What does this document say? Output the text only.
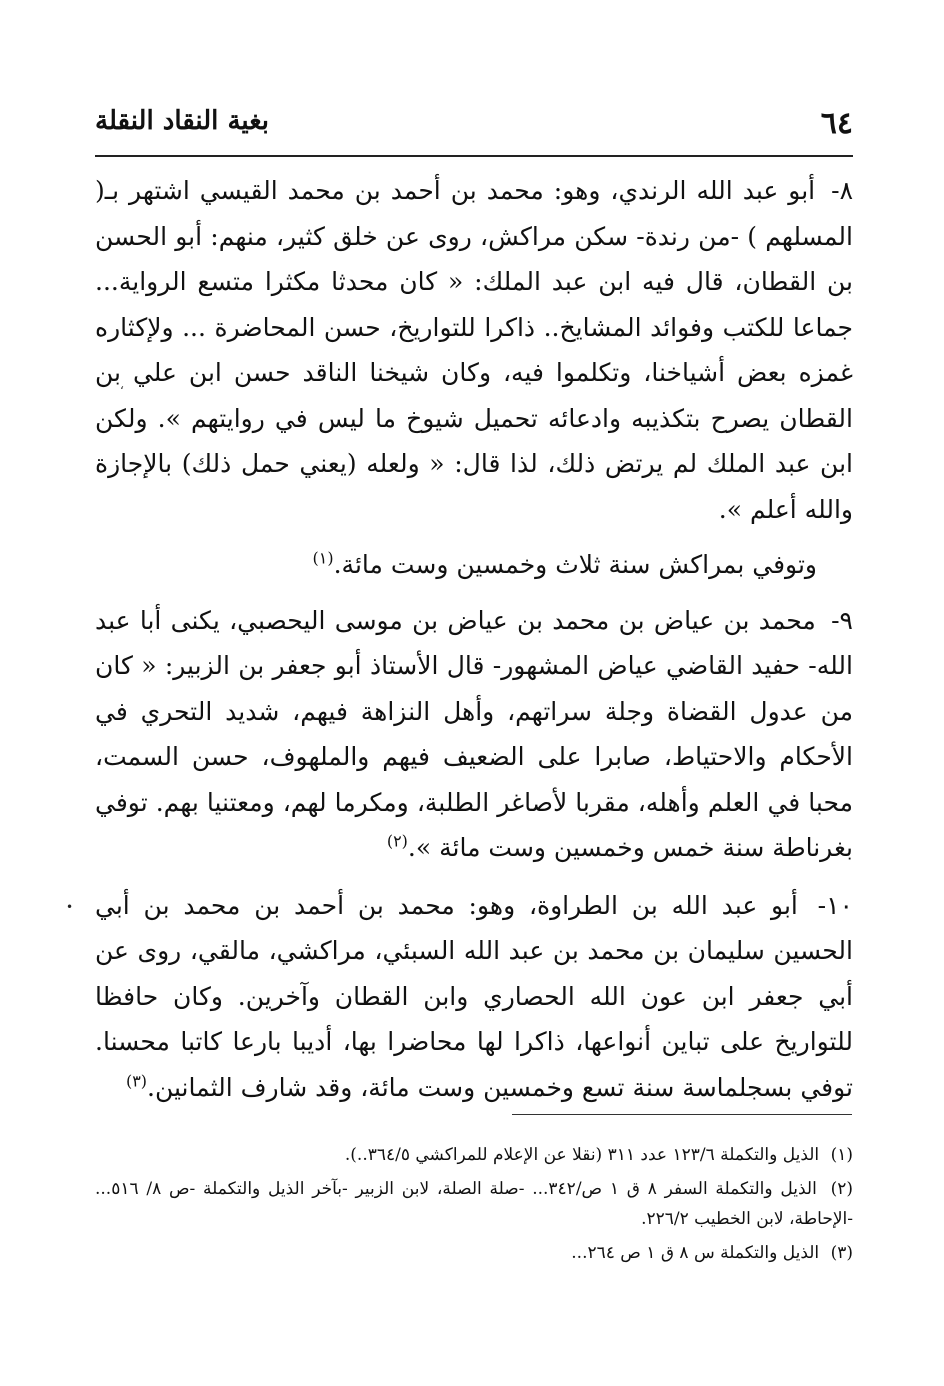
٦٤
بغية النقاد النقلة

٨- أبو عبد الله الرندي، وهو: محمد بن أحمد بن محمد القيسي اشتهر بـ( المسلهم ) -من رندة- سكن مراكش، روى عن خلق كثير، منهم: أبو الحسن بن القطان، قال فيه ابن عبد الملك: « كان محدثا مكثرا متسع الرواية... جماعا للكتب وفوائد المشايخ.. ذاكرا للتواريخ، حسن المحاضرة ... ولإكثاره غمزه بعض أشياخنا، وتكلموا فيه، وكان شيخنا الناقد حسن ابن علي بن القطان يصرح بتكذيبه وادعائه تحميل شيوخ ما ليس في روايتهم ». ولكن ابن عبد الملك لم يرتض ذلك، لذا قال: « ولعله (يعني حمل ذلك) بالإجازة والله أعلم ».

وتوفي بمراكش سنة ثلاث وخمسين وست مائة.$^{(١)}$

٩- محمد بن عياض بن محمد بن عياض بن موسى اليحصبي، يكنى أبا عبد الله- حفيد القاضي عياض المشهور- قال الأستاذ أبو جعفر بن الزبير: « كان من عدول القضاة وجلة سراتهم، وأهل النزاهة فيهم، شديد التحري في الأحكام والاحتياط، صابرا على الضعيف فيهم والملهوف، حسن السمت، محبا في العلم وأهله، مقربا لأصاغر الطلبة، ومكرما لهم، ومعتنيا بهم. توفي بغرناطة سنة خمس وخمسين وست مائة ».$^{(٢)}$

١٠- أبو عبد الله بن الطراوة، وهو: محمد بن أحمد بن محمد بن أبي الحسين سليمان بن محمد بن عبد الله السبئي، مراكشي، مالقي، روى عن أبي جعفر ابن عون الله الحصاري وابن القطان وآخرين. وكان حافظا للتواريخ على تباين أنواعها، ذاكرا لها محاضرا بها، أديبا بارعا كاتبا محسنا. توفي بسجلماسة سنة تسع وخمسين وست مائة، وقد شارف الثمانين.$^{(٣)}$

(١) الذيل والتكملة ١٢٣/٦ عدد ٣١١ (نقلا عن الإعلام للمراكشي ٣٦٤/٥..).

(٢) الذيل والتكملة السفر ٨ ق ١ ص/٣٤٢... -صلة الصلة، لابن الزبير -بآخر الذيل والتكملة -ص ٨/ ٥١٦... -الإحاطة، لابن الخطيب ٢٢٦/٢.

(٣) الذيل والتكملة س ٨ ق ١ ص ٢٦٤...

‘
•
